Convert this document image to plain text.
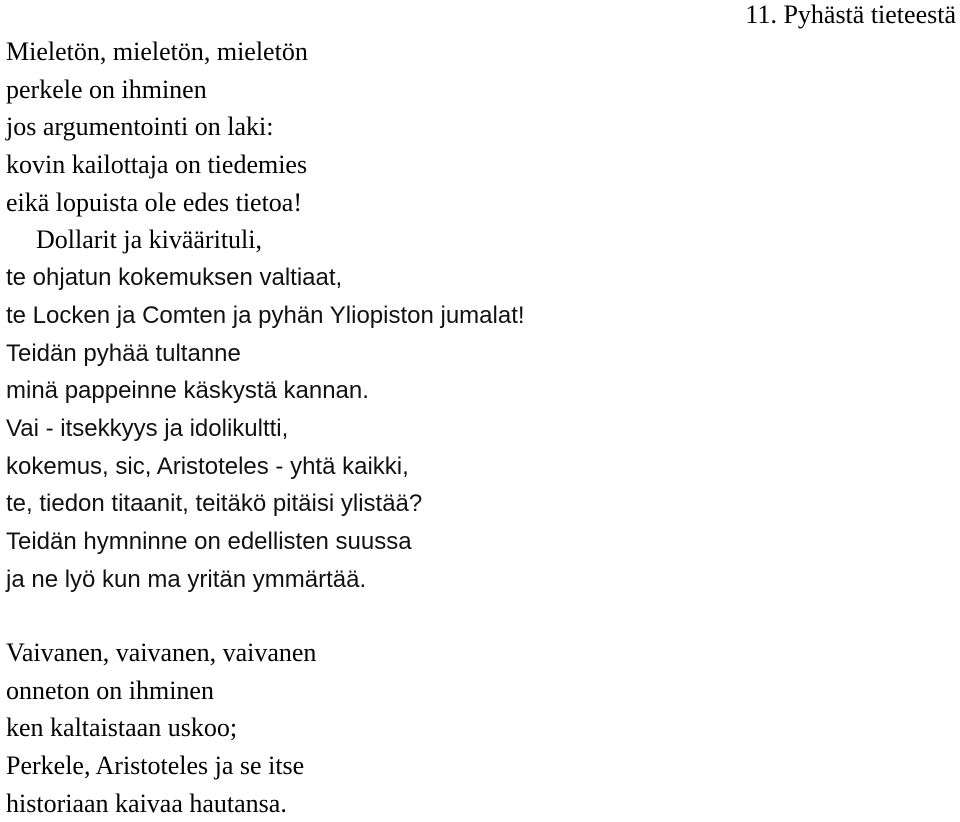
11. Pyhästä tieteestä
Mieletön, mieletön, mieletön
perkele on ihminen
jos argumentointi on laki:
kovin kailottaja on tiedemies
eikä lopuista ole edes tietoa!
Dollarit ja kiväärituli,
te ohjatun kokemuksen valtiaat,
te Locken ja Comten ja pyhän Yliopiston jumalat!
Teidän pyhää tultanne
minä pappeinne käskystä kannan.
Vai - itsekkyys ja idolikultti,
kokemus, sic, Aristoteles - yhtä kaikki,
te, tiedon titaanit, teitäkö pitäisi ylistää?
Teidän hymninne on edellisten suussa
ja ne lyö kun ma yritän ymmärtää.
Vaivanen, vaivanen, vaivanen
onneton on ihminen
ken kaltaistaan uskoo;
Perkele, Aristoteles ja se itse
historiaan kaivaa hautansa.
